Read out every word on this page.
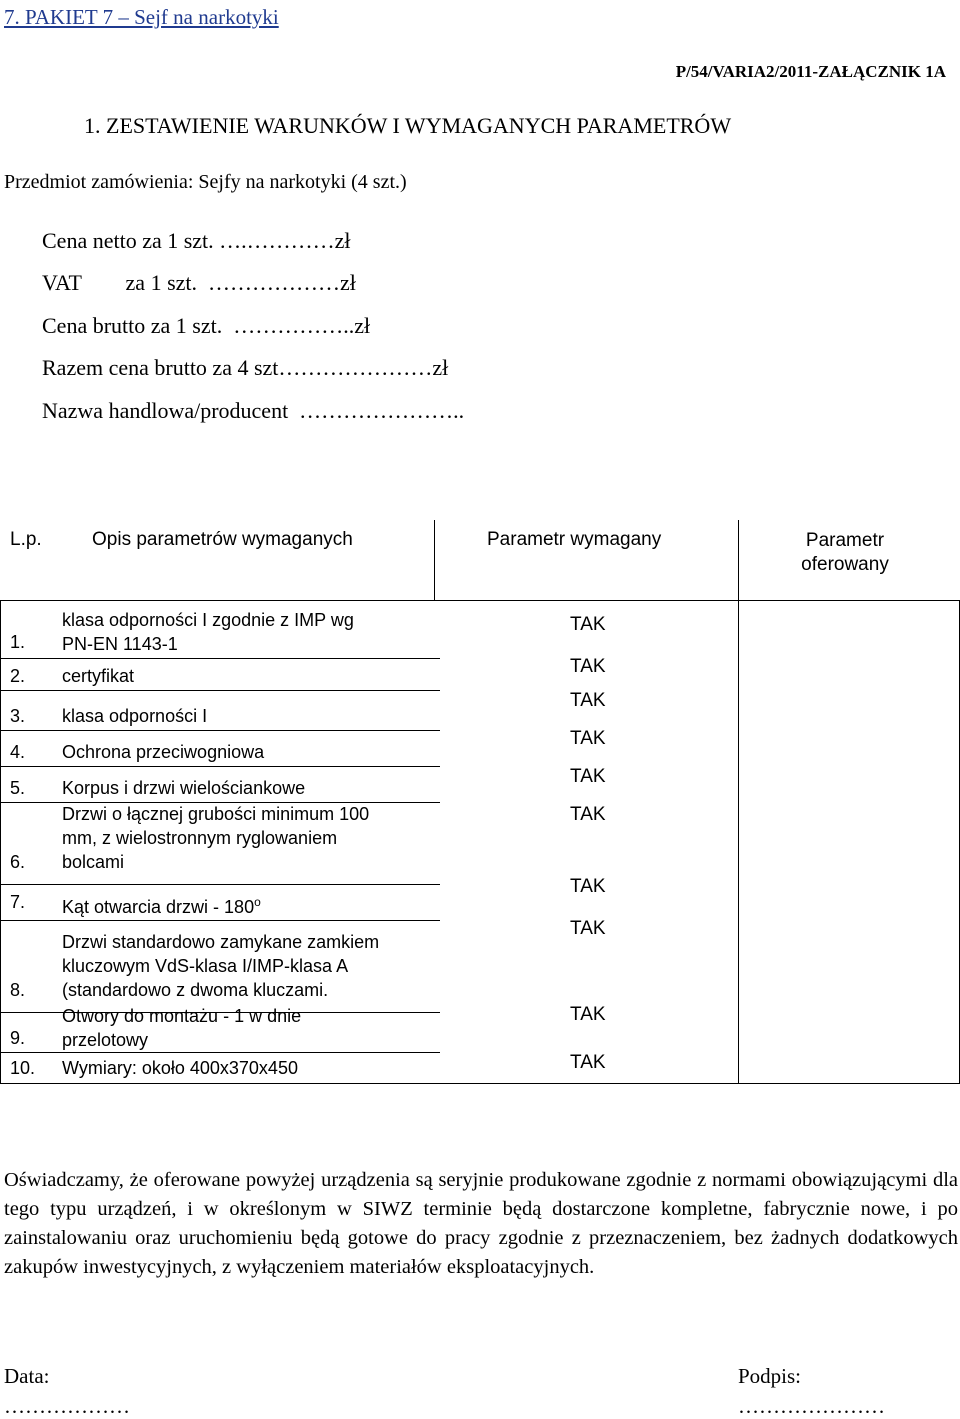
7. PAKIET 7 – Sejf na narkotyki
P/54/VARIA2/2011-ZAŁĄCZNIK 1A
1. ZESTAWIENIE WARUNKÓW I WYMAGANYCH PARAMETRÓW
Przedmiot zamówienia: Sejfy na narkotyki (4 szt.)
Cena netto za 1 szt. ….…………zł
VAT        za 1 szt.  ………………zł
Cena brutto za 1 szt.  ……………..zł
Razem cena brutto za 4 szt…………………zł
Nazwa handlowa/producent  …………………..
L.p.	Opis parametrów wymaganych	Parametr wymagany	Parametr
oferowany
1.
klasa odporności I zgodnie z IMP wg
PN-EN 1143-1
TAK
2. certyfikat	TAK
3. klasa odporności I
TAK
4. Ochrona przeciwogniowa
TAK
5. Korpus i drzwi wielościankowe
TAK
6.
Drzwi o łącznej grubości minimum 100
mm, z wielostronnym ryglowaniem
bolcami
TAK
7. Kąt otwarcia drzwi - 180$^o$
TAK
8.
Drzwi standardowo zamykane zamkiem
kluczowym VdS-klasa I/IMP-klasa A
(standardowo z dwoma kluczami.
TAK
9.
Otwory do montażu - 1 w dnie
przelotowy
TAK
10. Wymiary: około 400x370x450	TAK
Oświadczamy, że oferowane powyżej urządzenia są seryjnie produkowane zgodnie z normami obowiązującymi dla tego typu urządzeń, i w określonym w SIWZ terminie będą dostarczone kompletne, fabrycznie nowe, i po zainstalowaniu oraz uruchomieniu będą gotowe do pracy zgodnie z przeznaczeniem, bez żadnych dodatkowych zakupów inwestycyjnych, z wyłączeniem materiałów eksploatacyjnych.
Data:
………………
Podpis:
…………………
